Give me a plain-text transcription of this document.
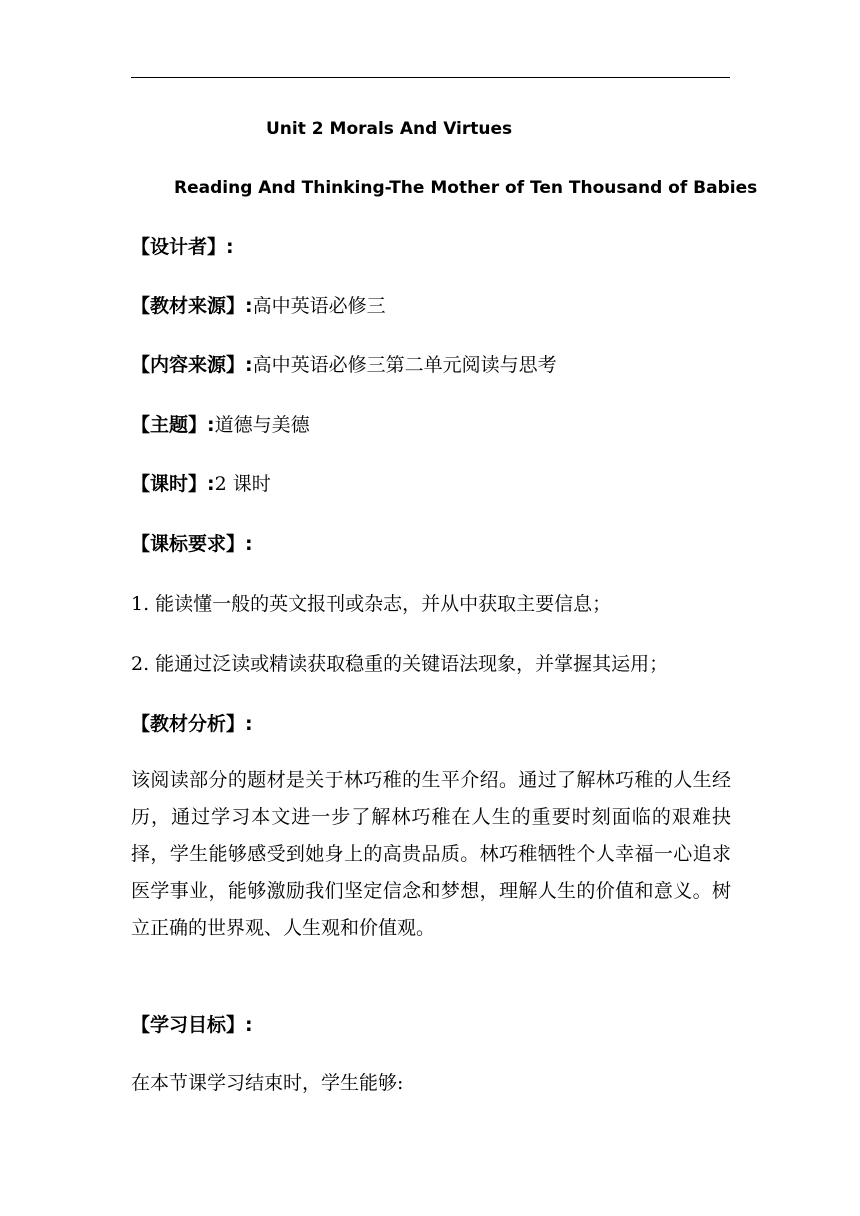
Unit 2 Morals And Virtues
Reading And Thinking-The Mother of Ten Thousand of Babies
【设计者】:
【教材来源】:高中英语必修三
【内容来源】:高中英语必修三第二单元阅读与思考
【主题】:道德与美德
【课时】:2 课时
【课标要求】:
1. 能读懂一般的英文报刊或杂志，并从中获取主要信息；
2. 能通过泛读或精读获取稳重的关键语法现象，并掌握其运用；
【教材分析】:
该阅读部分的题材是关于林巧稚的生平介绍。通过了解林巧稚的人生经历，通过学习本文进一步了解林巧稚在人生的重要时刻面临的艰难抉择，学生能够感受到她身上的高贵品质。林巧稚牺牲个人幸福一心追求医学事业，能够激励我们坚定信念和梦想，理解人生的价值和意义。树立正确的世界观、人生观和价值观。
【学习目标】:
在本节课学习结束时，学生能够:
